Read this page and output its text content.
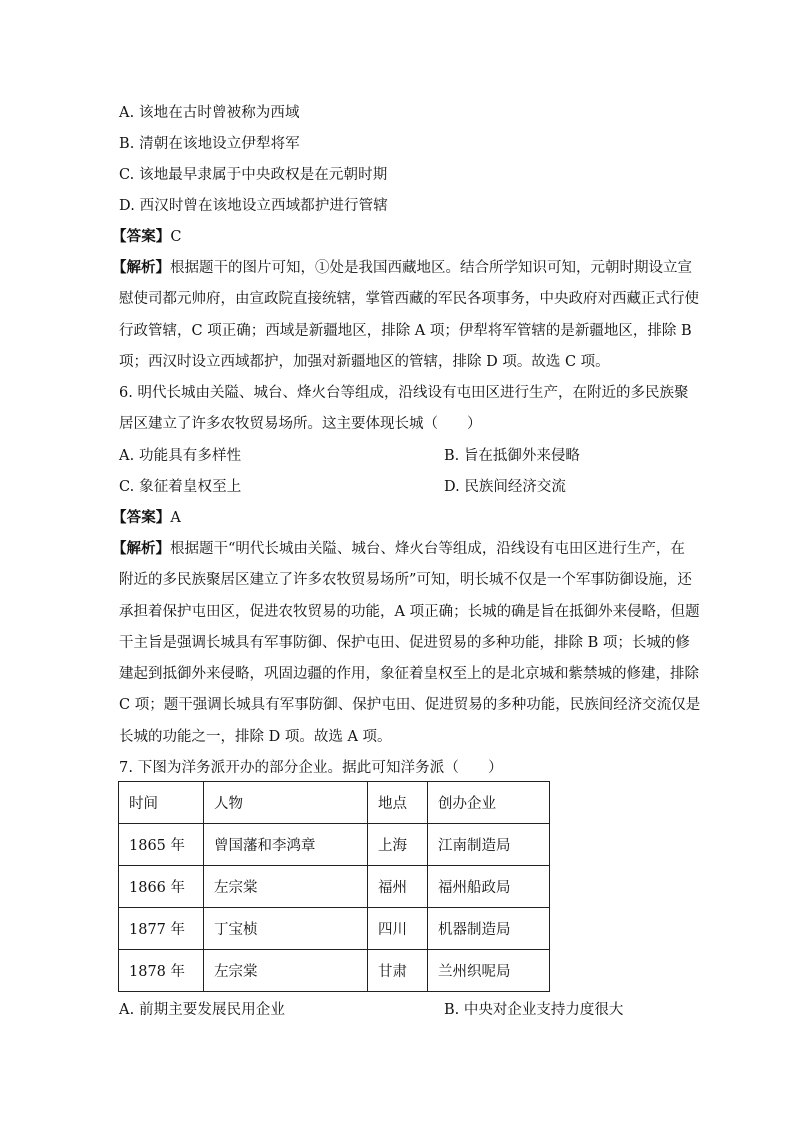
A. 该地在古时曾被称为西域
B. 清朝在该地设立伊犁将军
C. 该地最早隶属于中央政权是在元朝时期
D. 西汉时曾在该地设立西域都护进行管辖
【答案】C
【解析】根据题干的图片可知，①处是我国西藏地区。结合所学知识可知，元朝时期设立宣
慰使司都元帅府，由宣政院直接统辖，掌管西藏的军民各项事务，中央政府对西藏正式行使
行政管辖，C 项正确；西域是新疆地区，排除 A 项；伊犁将军管辖的是新疆地区，排除 B
项；西汉时设立西域都护，加强对新疆地区的管辖，排除 D 项。故选 C 项。
6. 明代长城由关隘、城台、烽火台等组成，沿线设有屯田区进行生产，在附近的多民族聚
居区建立了许多农牧贸易场所。这主要体现长城（　　）
A. 功能具有多样性	B. 旨在抵御外来侵略
C. 象征着皇权至上	D. 民族间经济交流
【答案】A
【解析】根据题干“明代长城由关隘、城台、烽火台等组成，沿线设有屯田区进行生产，在
附近的多民族聚居区建立了许多农牧贸易场所”可知，明长城不仅是一个军事防御设施，还
承担着保护屯田区，促进农牧贸易的功能，A 项正确；长城的确是旨在抵御外来侵略，但题
干主旨是强调长城具有军事防御、保护屯田、促进贸易的多种功能，排除 B 项；长城的修
建起到抵御外来侵略，巩固边疆的作用，象征着皇权至上的是北京城和紫禁城的修建，排除
C 项；题干强调长城具有军事防御、保护屯田、促进贸易的多种功能，民族间经济交流仅是
长城的功能之一，排除 D 项。故选 A 项。
7. 下图为洋务派开办的部分企业。据此可知洋务派（　　）
时间	人物	地点	创办企业
1865 年	曾国藩和李鸿章	上海	江南制造局
1866 年	左宗棠	福州	福州船政局
1877 年	丁宝桢	四川	机器制造局
1878 年	左宗棠	甘肃	兰州织呢局
A. 前期主要发展民用企业	B. 中央对企业支持力度很大
